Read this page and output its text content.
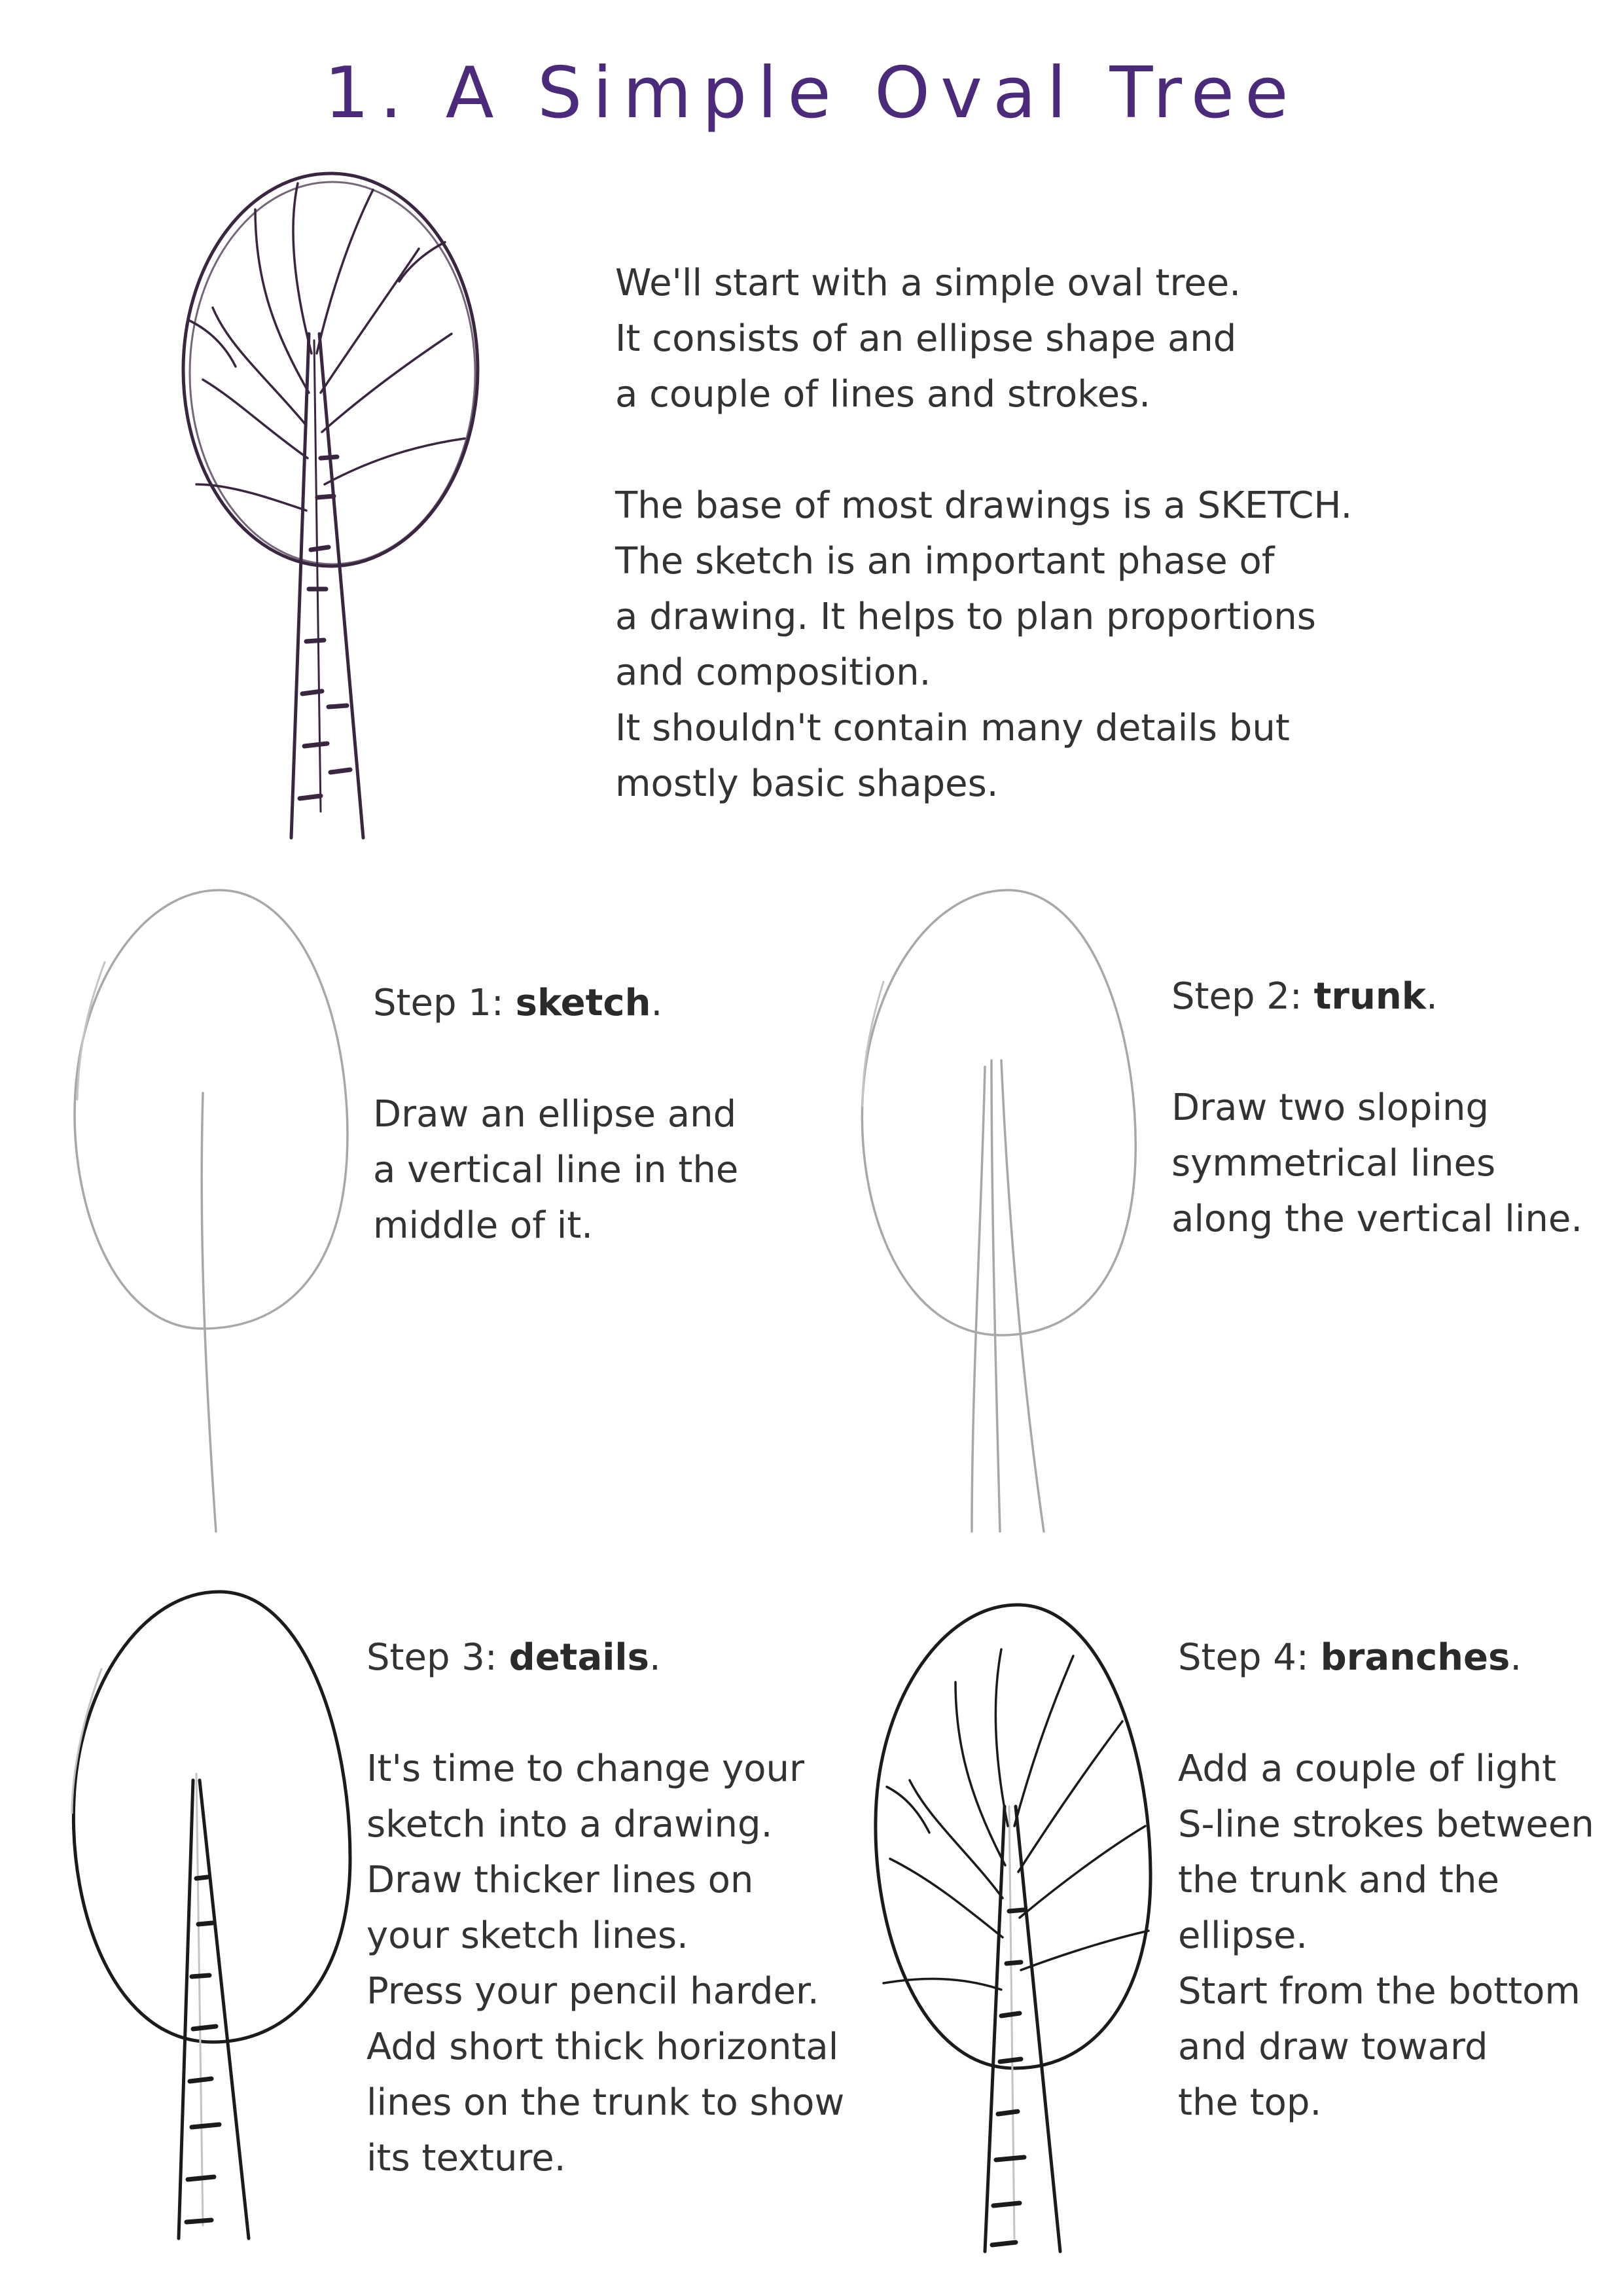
1. A Simple Oval Tree
We'll start with a simple oval tree.
It consists of an ellipse shape and
a couple of lines and strokes.
The base of most drawings is a SKETCH.
The sketch is an important phase of
a drawing. It helps to plan proportions
and composition.
It shouldn't contain many details but
mostly basic shapes.
Step 1: sketch.
Draw an ellipse and
a vertical line in the
middle of it.
Step 2: trunk.
Draw two sloping
symmetrical lines
along the vertical line.
Step 3: details.
It's time to change your
sketch into a drawing.
Draw thicker lines on
your sketch lines.
Press your pencil harder.
Add short thick horizontal
lines on the trunk to show
its texture.
Step 4: branches.
Add a couple of light
S-line strokes between
the trunk and the
ellipse.
Start from the bottom
and draw toward
the top.
